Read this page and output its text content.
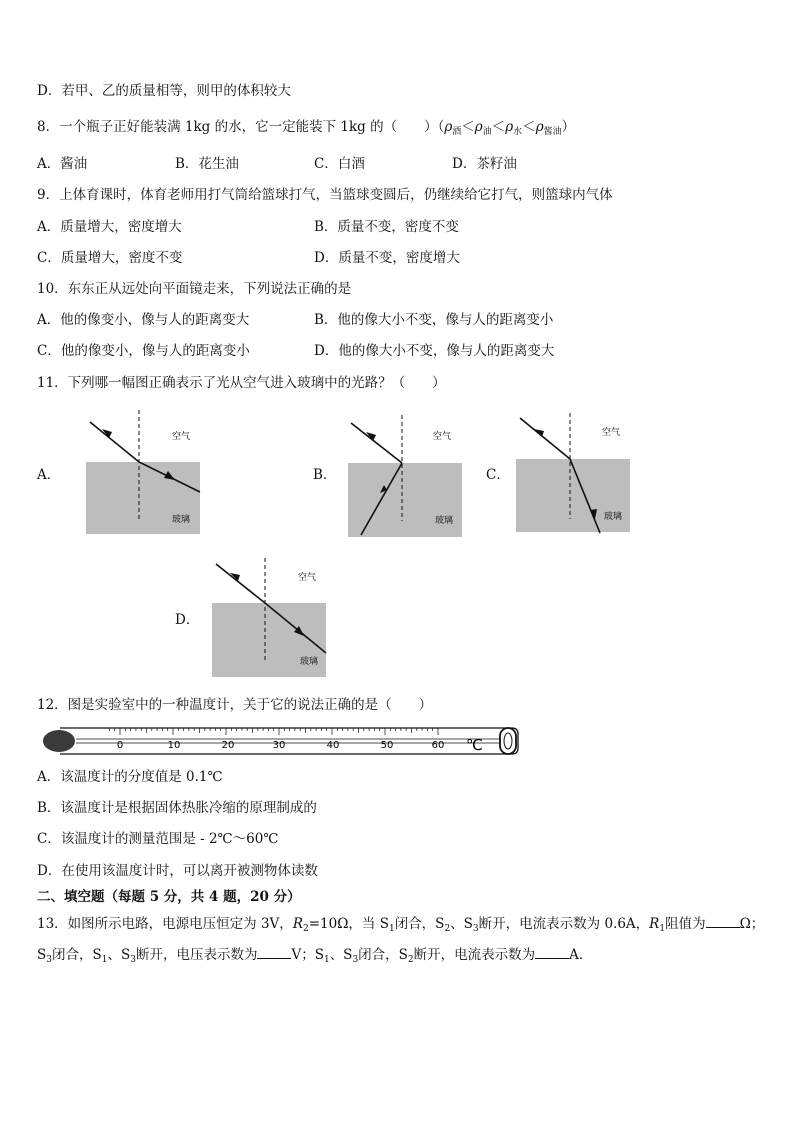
D．若甲、乙的质量相等，则甲的体积较大
8．一个瓶子正好能装满 1kg 的水，它一定能装下 1kg 的（　　）$(\rho_酒<\rho_油<\rho_水<\rho_{酱油})$
A．酱油	B．花生油	C．白酒	D．茶籽油
9．上体育课时，体育老师用打气筒给篮球打气，当篮球变圆后，仍继续给它打气，则篮球内气体
A．质量增大，密度增大	B．质量不变，密度不变
C．质量增大，密度不变	D．质量不变，密度增大
10．东东正从远处向平面镜走来，下列说法正确的是
A．他的像变小，像与人的距离变大	B．他的像大小不变，像与人的距离变小
C．他的像变小，像与人的距离变小	D．他的像大小不变，像与人的距离变大
11．下列哪一幅图正确表示了光从空气进入玻璃中的光路？（　　）
A．	B．	C．
D．
空气
玻璃
空气
玻璃
空气
玻璃
空气
玻璃
12．图是实验室中的一种温度计，关于它的说法正确的是（　　）
0	10	20	30	40	50	60 ℃
A．该温度计的分度值是 0.1℃
B．该温度计是根据固体热胀冷缩的原理制成的
C．该温度计的测量范围是 - 2℃～60℃
D．在使用该温度计时，可以离开被测物体读数
二、填空题（每题 5 分，共 4 题，20 分）
13．如图所示电路，电源电压恒定为 3V，$R_2=10\Omega$，当 $S_1$闭合，$S_2$、$S_3$断开，电流表示数为 0.6A，$R_1$阻值为	Ω；
$S_3$闭合，$S_1$、$S_3$断开，电压表示数为	V；$S_1$、$S_3$闭合，$S_2$断开，电流表示数为	A．
